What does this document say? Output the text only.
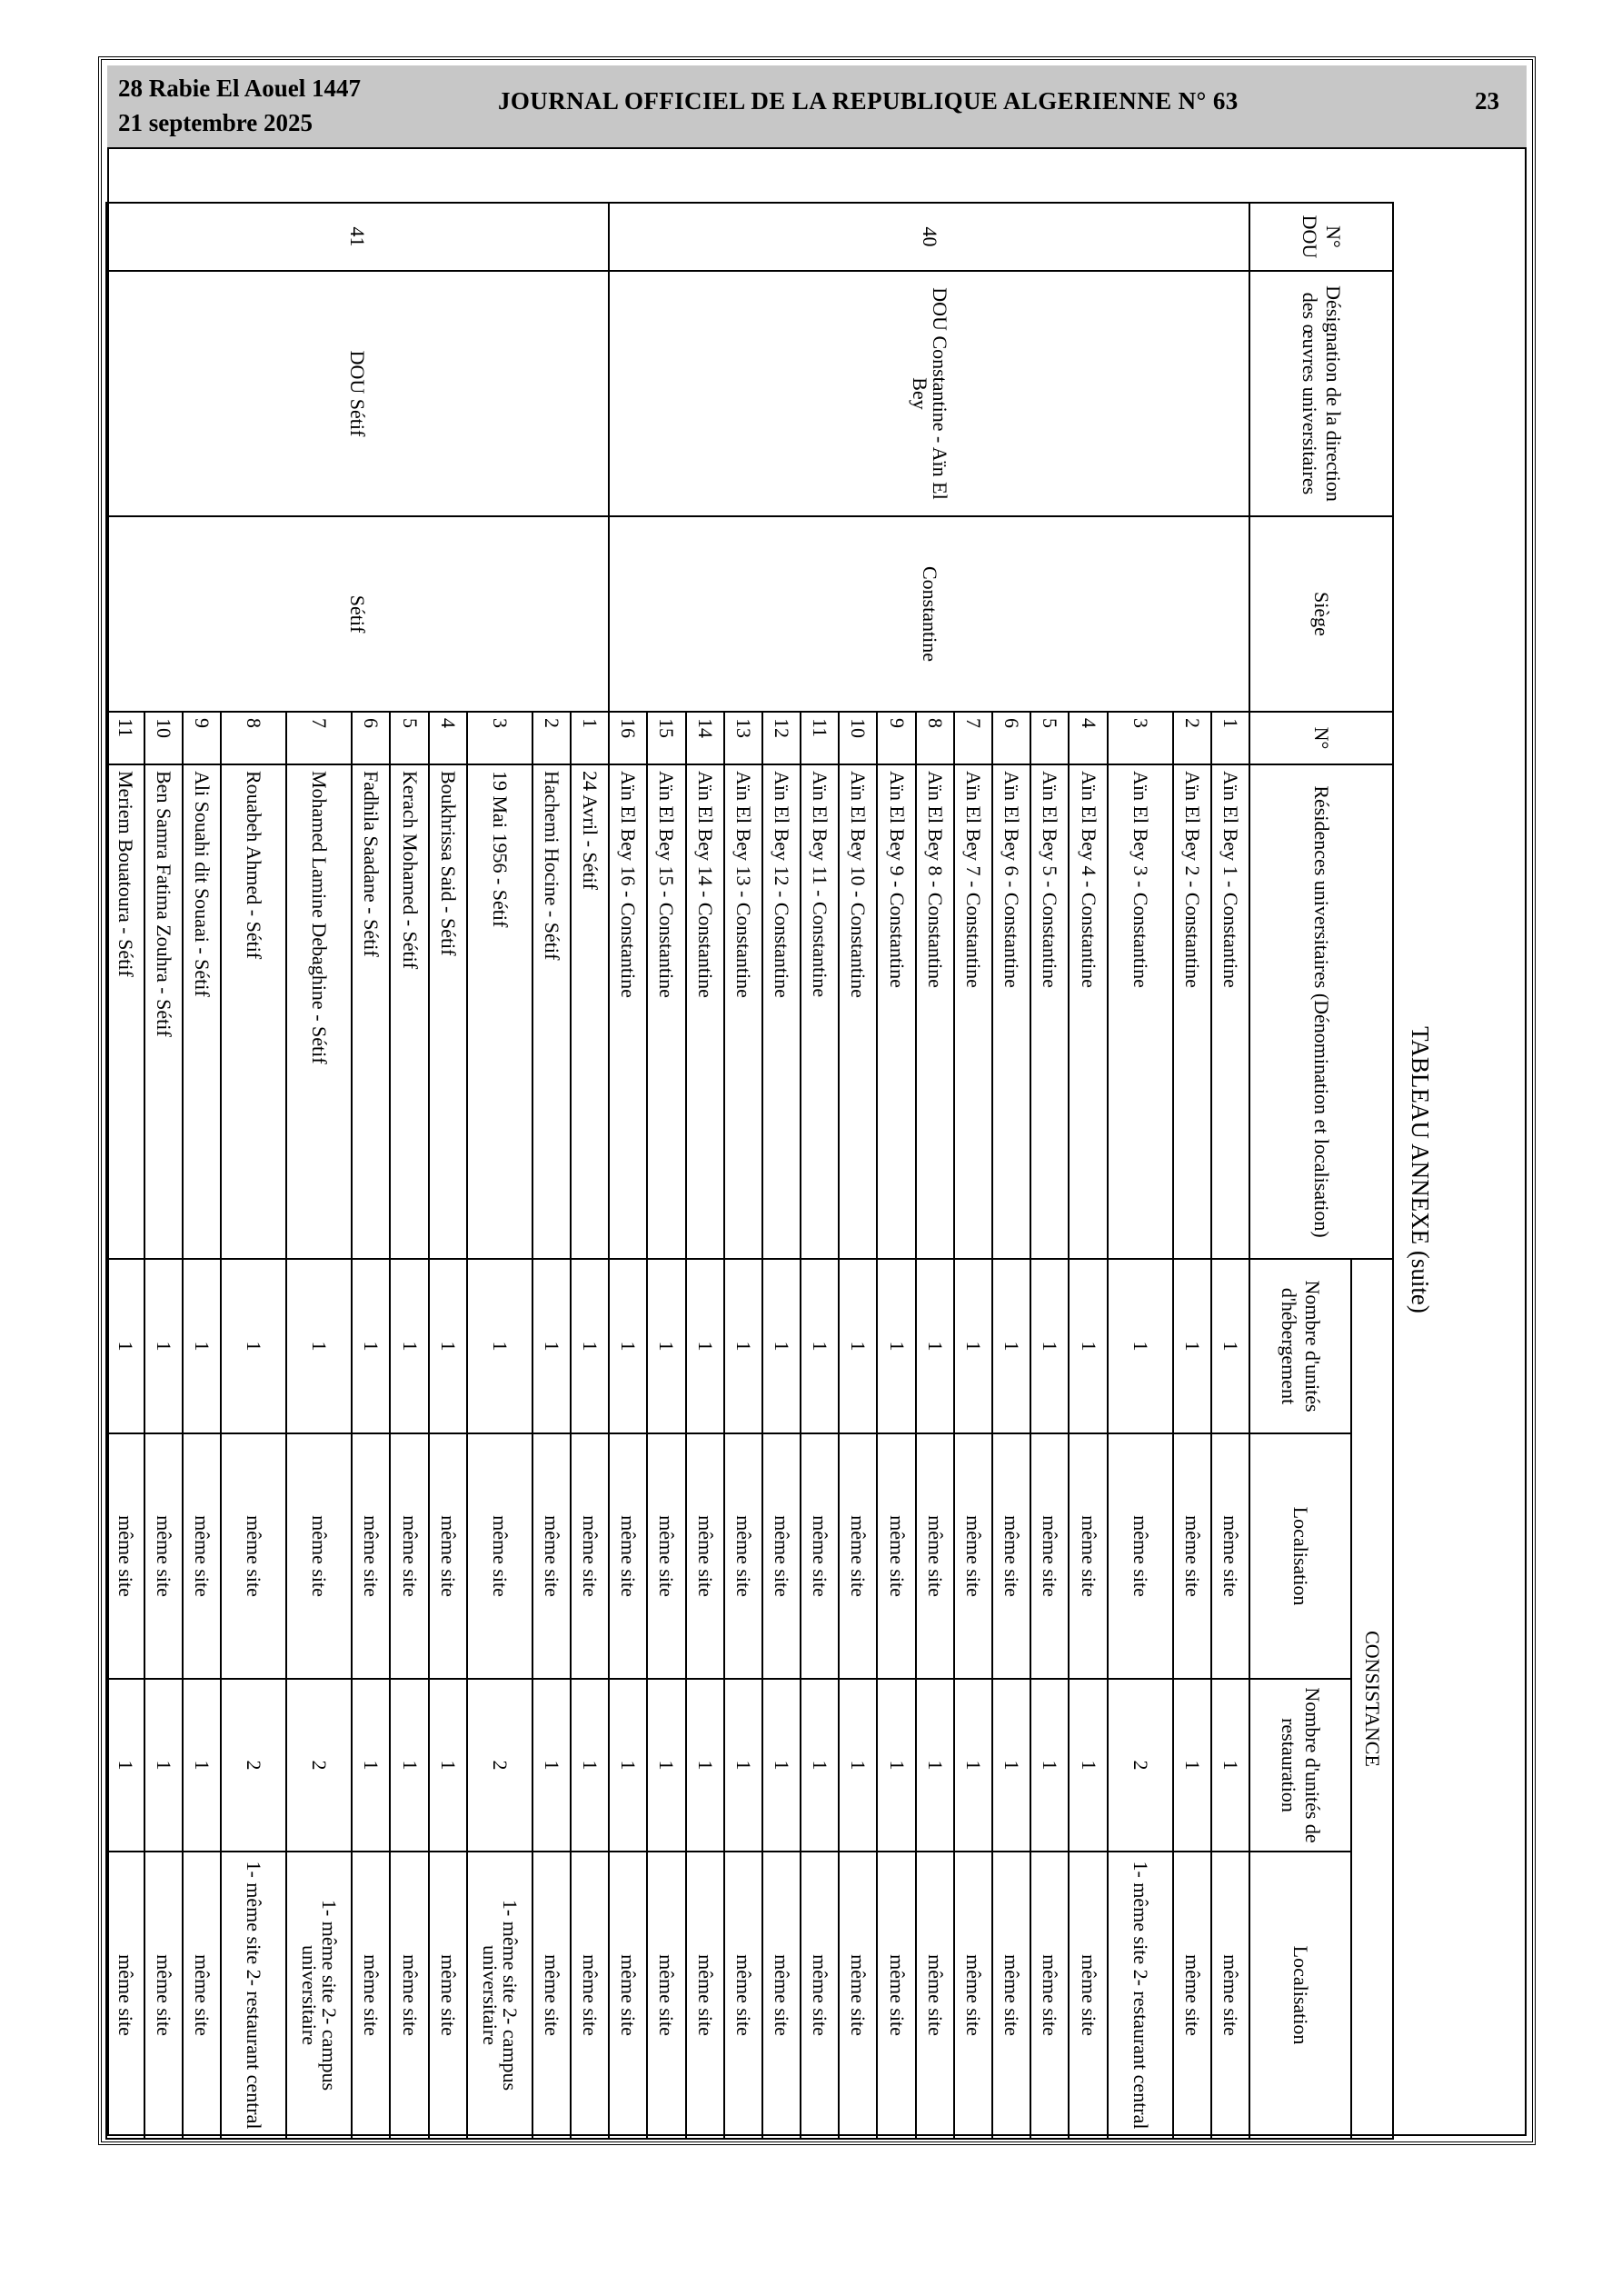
28 Rabie El Aouel 1447
21 septembre 2025
JOURNAL OFFICIEL DE LA REPUBLIQUE ALGERIENNE N° 63	23
TABLEAU ANNEXE (suite)
N° DOU	Désignation de la direction des œuvres universitaires	Siège	N°	Résidences universitaires (Dénomination et localisation)	CONSISTANCE			
					Nombre d'unités d'hébergement	Localisation	Nombre d'unités de restauration	Localisation
40	DOU Constantine - Aïn El Bey	Constantine	1	Aïn El Bey 1 - Constantine	1	même site	1	même site
			2	Aïn El Bey 2 - Constantine	1	même site	1	même site
			3	Aïn El Bey 3 - Constantine	1	même site	2	1- même site 2- restaurant central
			4	Aïn El Bey 4 - Constantine	1	même site	1	même site
			5	Aïn El Bey 5 - Constantine	1	même site	1	même site
			6	Aïn El Bey 6 - Constantine	1	même site	1	même site
			7	Aïn El Bey 7 - Constantine	1	même site	1	même site
			8	Aïn El Bey 8 - Constantine	1	même site	1	même site
			9	Aïn El Bey 9 - Constantine	1	même site	1	même site
			10	Aïn El Bey 10 - Constantine	1	même site	1	même site
			11	Aïn El Bey 11 - Constantine	1	même site	1	même site
			12	Aïn El Bey 12 - Constantine	1	même site	1	même site
			13	Aïn El Bey 13 - Constantine	1	même site	1	même site
			14	Aïn El Bey 14 - Constantine	1	même site	1	même site
			15	Aïn El Bey 15 - Constantine	1	même site	1	même site
			16	Aïn El Bey 16 - Constantine	1	même site	1	même site
41	DOU Sétif	Sétif	1	24 Avril - Sétif	1	même site	1	même site
			2	Hachemi Hocine - Sétif	1	même site	1	même site
			3	19 Mai 1956 - Sétif	1	même site	2	1- même site 2- campus universitaire
			4	Boukhrissa Said - Sétif	1	même site	1	même site
			5	Kerach Mohamed - Sétif	1	même site	1	même site
			6	Fadhila Saadane - Sétif	1	même site	1	même site
			7	Mohamed Lamine Debaghine - Sétif	1	même site	2	1- même site 2- campus universitaire
			8	Rouabeh Ahmed - Sétif	1	même site	2	1- même site 2- restaurant central
			9	Ali Souahi dit Souaai - Sétif	1	même site	1	même site
			10	Ben Samra Fatima Zouhra - Sétif	1	même site	1	même site
			11	Meriem Bouatoura - Sétif	1	même site	1	même site
